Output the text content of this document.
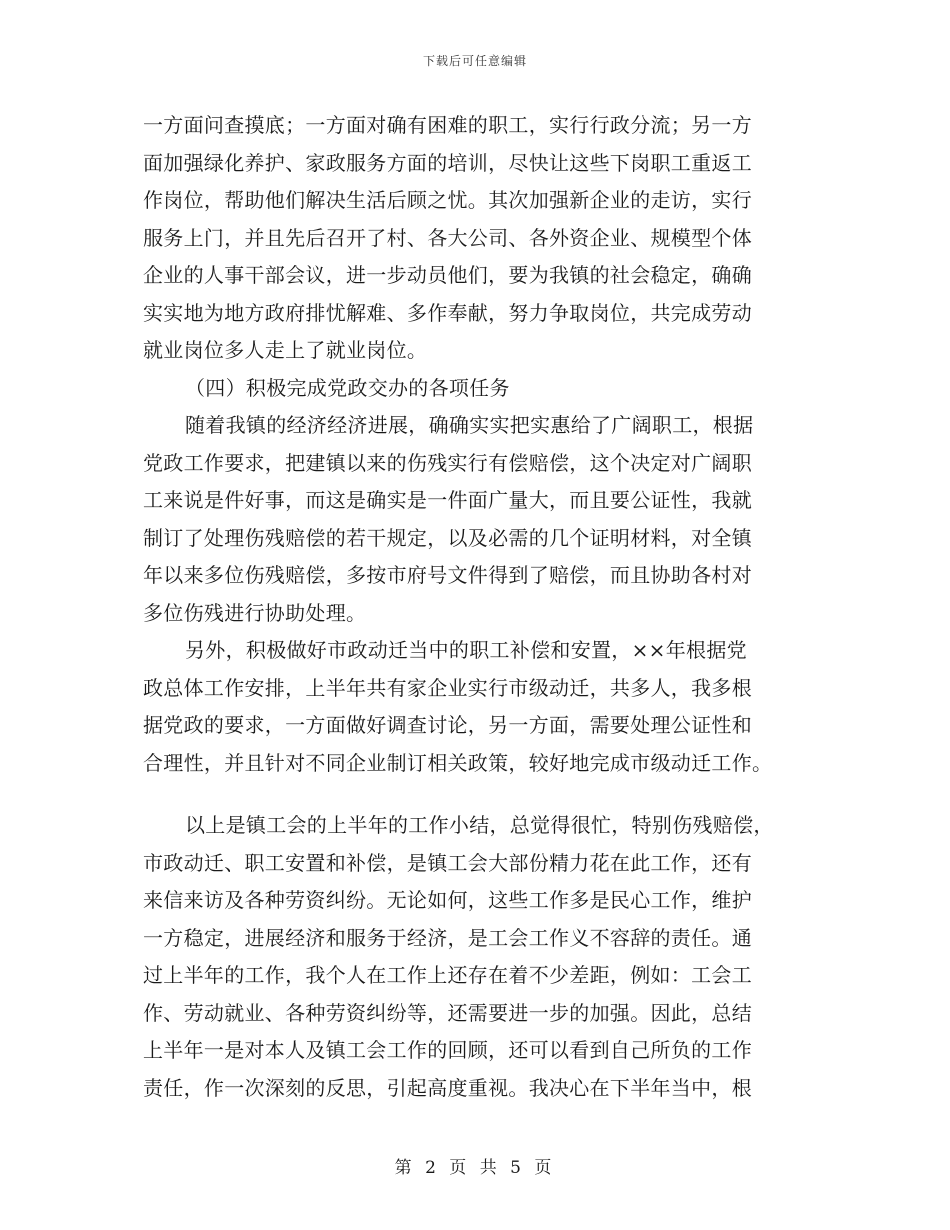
下载后可任意编辑
一方面问查摸底；一方面对确有困难的职工，实行行政分流；另一方
面加强绿化养护、家政服务方面的培训，尽快让这些下岗职工重返工
作岗位，帮助他们解决生活后顾之忧。其次加强新企业的走访，实行
服务上门，并且先后召开了村、各大公司、各外资企业、规模型个体
企业的人事干部会议，进一步动员他们，要为我镇的社会稳定，确确
实实地为地方政府排忧解难、多作奉献，努力争取岗位，共完成劳动
就业岗位多人走上了就业岗位。
（四）积极完成党政交办的各项任务
随着我镇的经济经济进展，确确实实把实惠给了广阔职工，根据
党政工作要求，把建镇以来的伤残实行有偿赔偿，这个决定对广阔职
工来说是件好事，而这是确实是一件面广量大，而且要公证性，我就
制订了处理伤残赔偿的若干规定，以及必需的几个证明材料，对全镇
年以来多位伤残赔偿，多按市府号文件得到了赔偿，而且协助各村对
多位伤残进行协助处理。
另外，积极做好市政动迁当中的职工补偿和安置，××年根据党
政总体工作安排，上半年共有家企业实行市级动迁，共多人，我多根
据党政的要求，一方面做好调查讨论，另一方面，需要处理公证性和
合理性，并且针对不同企业制订相关政策，较好地完成市级动迁工作。
以上是镇工会的上半年的工作小结，总觉得很忙，特别伤残赔偿，
市政动迁、职工安置和补偿，是镇工会大部份精力花在此工作，还有
来信来访及各种劳资纠纷。无论如何，这些工作多是民心工作，维护
一方稳定，进展经济和服务于经济，是工会工作义不容辞的责任。通
过上半年的工作，我个人在工作上还存在着不少差距，例如：工会工
作、劳动就业、各种劳资纠纷等，还需要进一步的加强。因此，总结
上半年一是对本人及镇工会工作的回顾，还可以看到自己所负的工作
责任，作一次深刻的反思，引起高度重视。我决心在下半年当中，根
第 2 页 共 5 页
